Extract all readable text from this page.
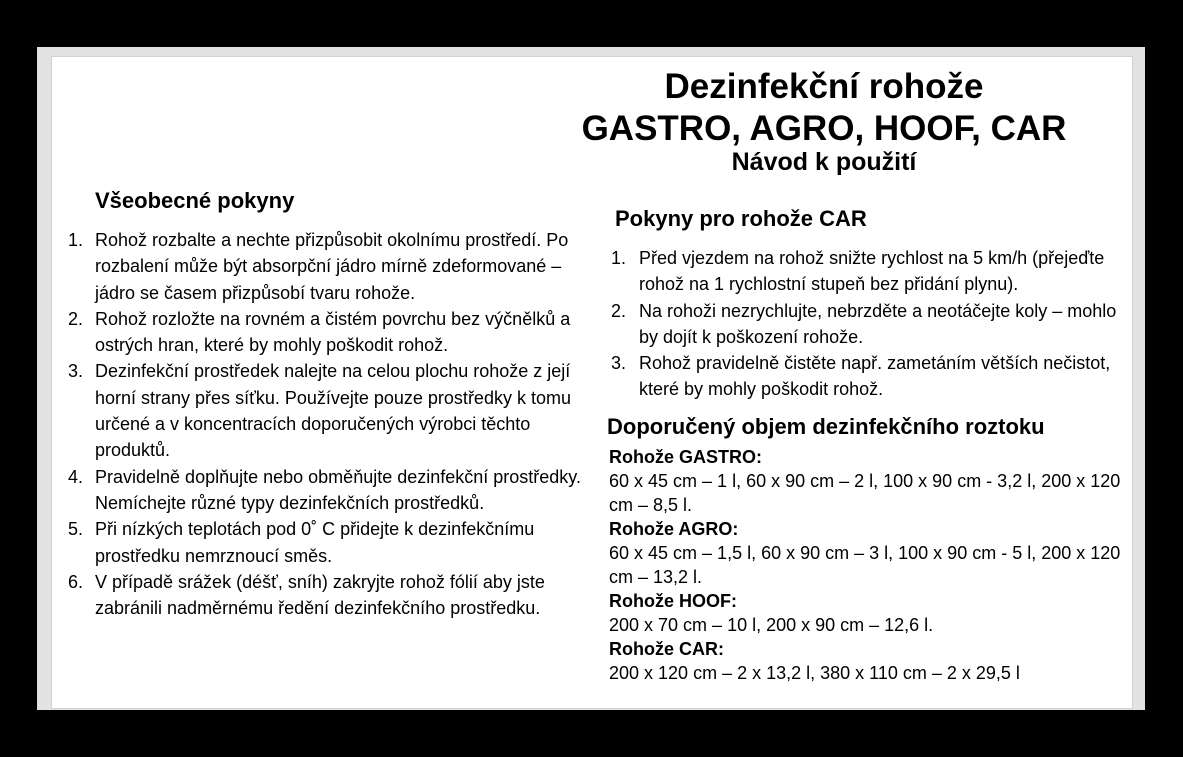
Dezinfekční rohože
GASTRO, AGRO, HOOF, CAR
Návod k použití
Všeobecné pokyny
1. Rohož rozbalte a nechte přizpůsobit okolnímu prostředí. Po rozbalení může být absorpční jádro mírně zdeformované – jádro se časem přizpůsobí tvaru rohože.
2. Rohož rozložte na rovném a čistém povrchu bez výčnělků a ostrých hran, které by mohly poškodit rohož.
3. Dezinfekční prostředek nalejte na celou plochu rohože z její horní strany přes síťku. Používejte pouze prostředky k tomu určené a v koncentracích doporučených výrobci těchto produktů.
4. Pravidelně doplňujte nebo obměňujte dezinfekční prostředky. Nemíchejte různé typy dezinfekčních prostředků.
5. Při nízkých teplotách pod 0˚ C přidejte k dezinfekčnímu prostředku nemrznoucí směs.
6. V případě srážek (déšť, sníh) zakryjte rohož fólií aby jste zabránili nadměrnému ředění dezinfekčního prostředku.
Pokyny pro rohože CAR
1. Před vjezdem na rohož snižte rychlost na 5 km/h (přejeďte rohož na 1 rychlostní stupeň bez přidání plynu).
2. Na rohoži nezrychlujte, nebrzděte a neotáčejte koly – mohlo by dojít k poškození rohože.
3. Rohož pravidelně čistěte např. zametáním větších nečistot, které by mohly poškodit rohož.
Doporučený objem dezinfekčního roztoku
Rohože GASTRO:
60 x 45 cm – 1 l, 60 x 90 cm – 2 l, 100 x 90 cm - 3,2 l, 200 x 120 cm – 8,5 l.
Rohože AGRO:
60 x 45 cm – 1,5 l, 60 x 90 cm – 3 l, 100 x 90 cm - 5 l, 200 x 120 cm – 13,2 l.
Rohože HOOF:
200 x 70 cm – 10 l, 200 x 90 cm – 12,6 l.
Rohože CAR:
200 x 120 cm – 2 x 13,2 l, 380 x 110 cm – 2 x 29,5 l
